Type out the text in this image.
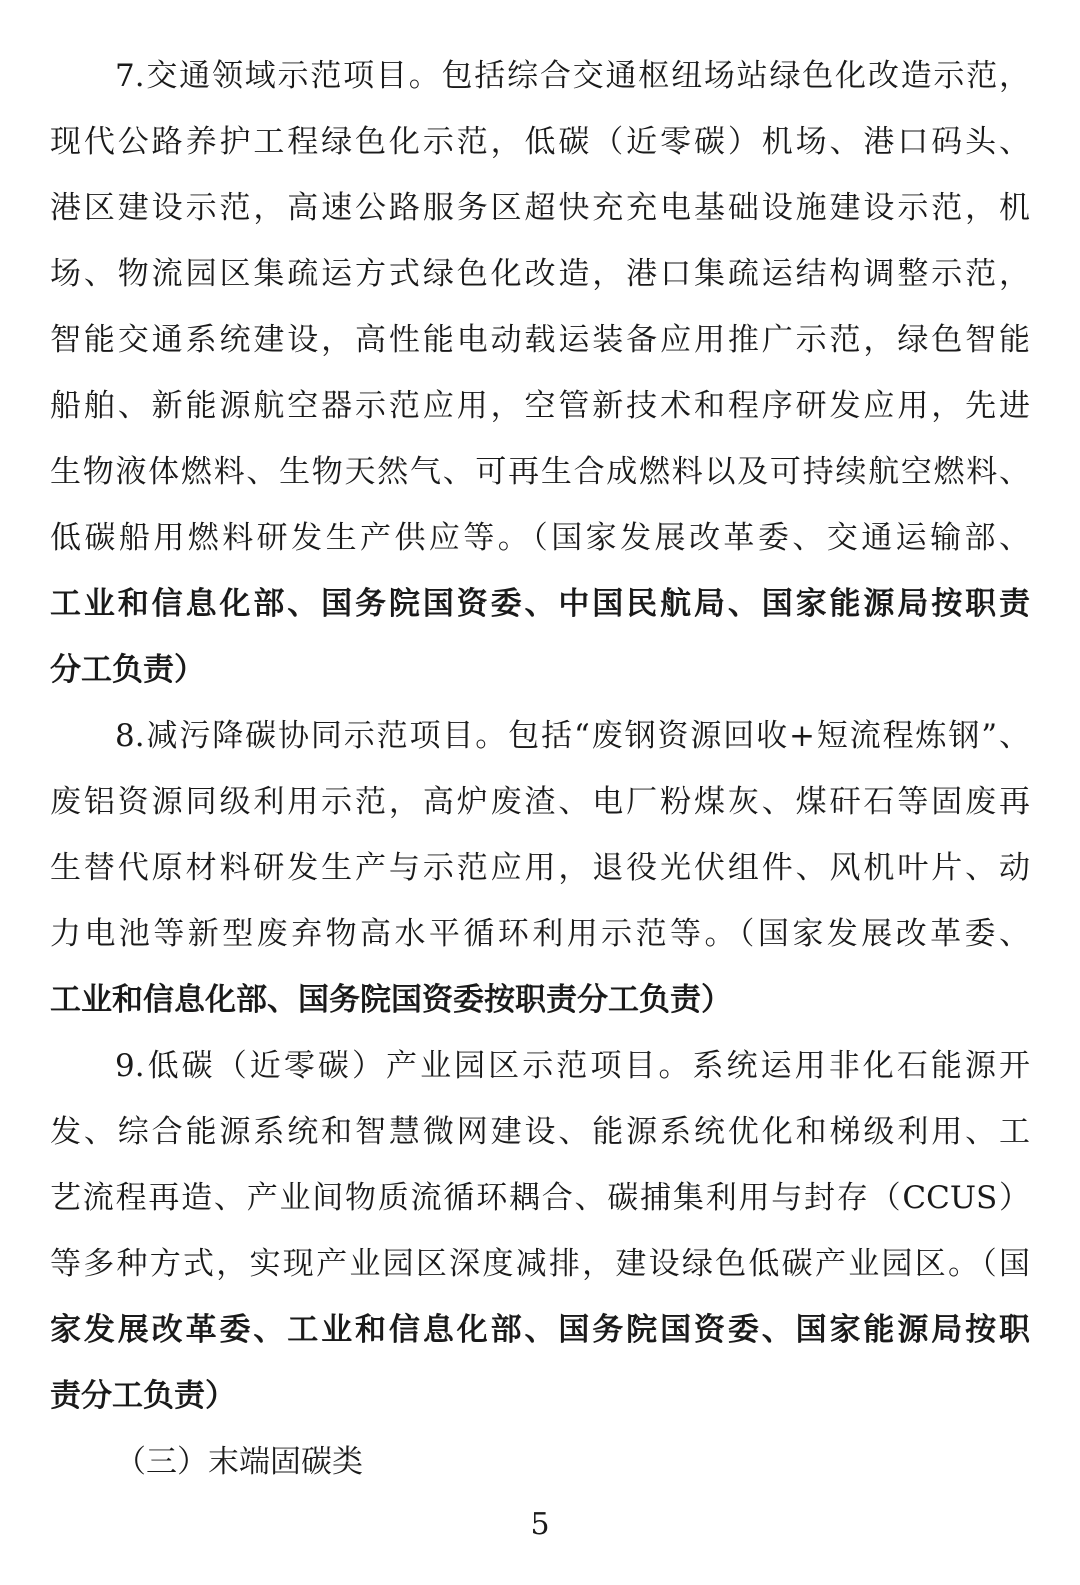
7.交通领域示范项目。包括综合交通枢纽场站绿色化改造示范，
现代公路养护工程绿色化示范，低碳（近零碳）机场、港口码头、
港区建设示范，高速公路服务区超快充充电基础设施建设示范，机
场、物流园区集疏运方式绿色化改造，港口集疏运结构调整示范，
智能交通系统建设，高性能电动载运装备应用推广示范，绿色智能
船舶、新能源航空器示范应用，空管新技术和程序研发应用，先进
生物液体燃料、生物天然气、可再生合成燃料以及可持续航空燃料、
低碳船用燃料研发生产供应等。（国家发展改革委、交通运输部、
工业和信息化部、国务院国资委、中国民航局、国家能源局按职责
分工负责）
8.减污降碳协同示范项目。包括“废钢资源回收+短流程炼钢”、
废铝资源同级利用示范，高炉废渣、电厂粉煤灰、煤矸石等固废再
生替代原材料研发生产与示范应用，退役光伏组件、风机叶片、动
力电池等新型废弃物高水平循环利用示范等。（国家发展改革委、
工业和信息化部、国务院国资委按职责分工负责）
9.低碳（近零碳）产业园区示范项目。系统运用非化石能源开
发、综合能源系统和智慧微网建设、能源系统优化和梯级利用、工
艺流程再造、产业间物质流循环耦合、碳捕集利用与封存（CCUS）
等多种方式，实现产业园区深度减排，建设绿色低碳产业园区。（国
家发展改革委、工业和信息化部、国务院国资委、国家能源局按职
责分工负责）
（三）末端固碳类
5
